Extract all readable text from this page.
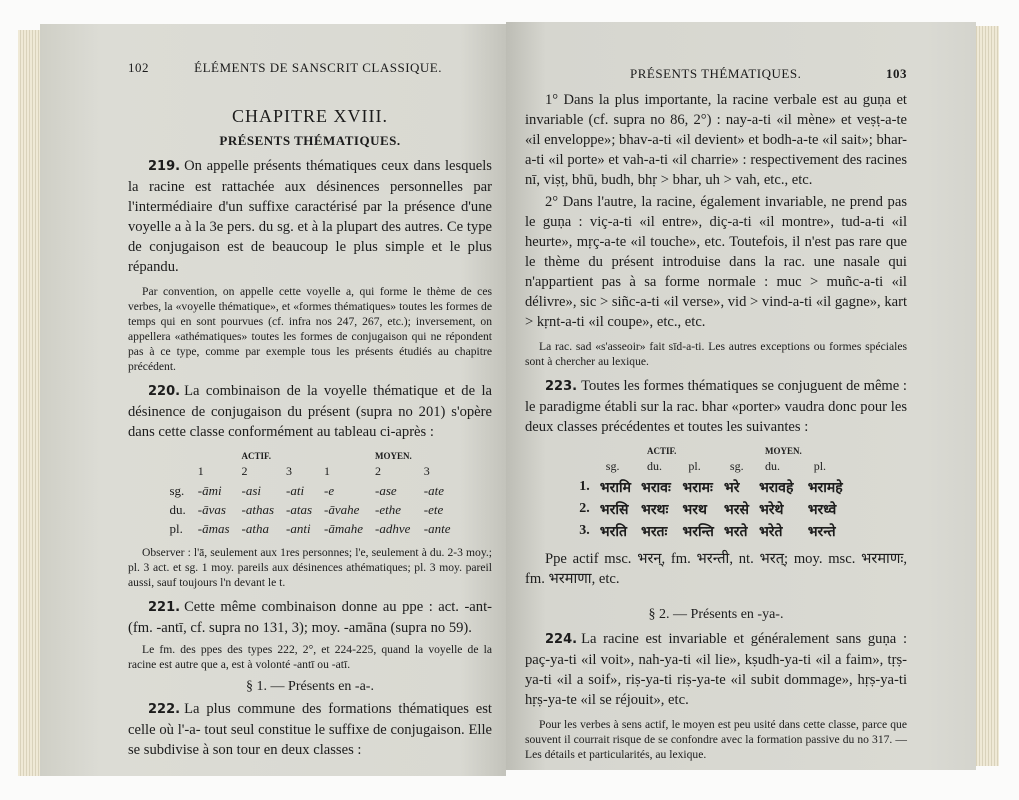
102	ÉLÉMENTS DE SANSCRIT CLASSIQUE.
CHAPITRE XVIII.
PRÉSENTS THÉMATIQUES.

219. On appelle présents thématiques ceux dans lesquels la racine est rattachée aux désinences personnelles par l'intermédiaire d'un suffixe caractérisé par la présence d'une voyelle a à la 3e pers. du sg. et à la plupart des autres. Ce type de conjugaison est de beaucoup le plus simple et le plus répandu.

Par convention, on appelle cette voyelle a, qui forme le thème de ces verbes, la «voyelle thématique», et «formes thématiques» toutes les formes de temps qui en sont pourvues (cf. infra nos 247, 267, etc.); inversement, on appellera «athématiques» toutes les formes de conjugaison qui ne répondent pas à ce type, comme par exemple tous les présents étudiés au chapitre précédent.

220. La combinaison de la voyelle thématique et de la désinence de conjugaison du présent (supra no 201) s'opère dans cette classe conformément au tableau ci-après :

		ACTIF.			MOYEN.	
	1	2	3	1	2	3
sg.	-āmi	-asi	-ati	-e	-ase	-ate
du.	-āvas	-athas	-atas	-āvahe	-ethe	-ete
pl.	-āmas	-atha	-anti	-āmahe	-adhve	-ante

Observer : l'ā, seulement aux 1res personnes; l'e, seulement à du. 2-3 moy.; pl. 3 act. et sg. 1 moy. pareils aux désinences athématiques; pl. 3 moy. pareil aussi, sauf toujours l'n devant le t.

221. Cette même combinaison donne au ppe : act. -ant- (fm. -antī, cf. supra no 131, 3); moy. -amāna (supra no 59).

Le fm. des ppes des types 222, 2°, et 224-225, quand la voyelle de la racine est autre que a, est à volonté -antī ou -atī.

§ 1. — Présents en -a-.

222. La plus commune des formations thématiques est celle où l'-a- tout seul constitue le suffixe de conjugaison. Elle se subdivise à son tour en deux classes :

PRÉSENTS THÉMATIQUES.	103

1° Dans la plus importante, la racine verbale est au guṇa et invariable (cf. supra no 86, 2°) : nay-a-ti «il mène» et veṣṭ-a-te «il enveloppe»; bhav-a-ti «il devient» et bodh-a-te «il sait»; bhar-a-ti «il porte» et vah-a-ti «il charrie» : respectivement des racines nī, viṣṭ, bhū, budh, bhṛ > bhar, uh > vah, etc., etc.

2° Dans l'autre, la racine, également invariable, ne prend pas le guṇa : viç-a-ti «il entre», diç-a-ti «il montre», tud-a-ti «il heurte», mṛç-a-te «il touche», etc. Toutefois, il n'est pas rare que le thème du présent introduise dans la rac. une nasale qui n'appartient pas à sa forme normale : muc > muñc-a-ti «il délivre», sic > siñc-a-ti «il verse», vid > vind-a-ti «il gagne», kart > kṛnt-a-ti «il coupe», etc., etc.

La rac. sad «s'asseoir» fait sīd-a-ti. Les autres exceptions ou formes spéciales sont à chercher au lexique.

223. Toutes les formes thématiques se conjuguent de même : le paradigme établi sur la rac. bhar «porter» vaudra donc pour les deux classes précédentes et toutes les suivantes :

		ACTIF.			MOYEN.	
	sg.	du.	pl.	sg.	du.	pl.
1.	भरामि	भरावः	भरामः	भरे	भरावहे	भरामहे
2.	भरसि	भरथः	भरथ	भरसे	भरेथे	भरध्वे
3.	भरति	भरतः	भरन्ति	भरते	भरेते	भरन्ते

Ppe actif msc. भरन्, fm. भरन्ती, nt. भरत्; moy. msc. भरमाणः, fm. भरमाणा, etc.

§ 2. — Présents en -ya-.

224. La racine est invariable et généralement sans guṇa : paç-ya-ti «il voit», nah-ya-ti «il lie», kṣudh-ya-ti «il a faim», tṛṣ-ya-ti «il a soif», riṣ-ya-ti riṣ-ya-te «il subit dommage», hṛṣ-ya-ti hṛṣ-ya-te «il se réjouit», etc.

Pour les verbes à sens actif, le moyen est peu usité dans cette classe, parce que souvent il courrait risque de se confondre avec la formation passive du no 317. — Les détails et particularités, au lexique.
